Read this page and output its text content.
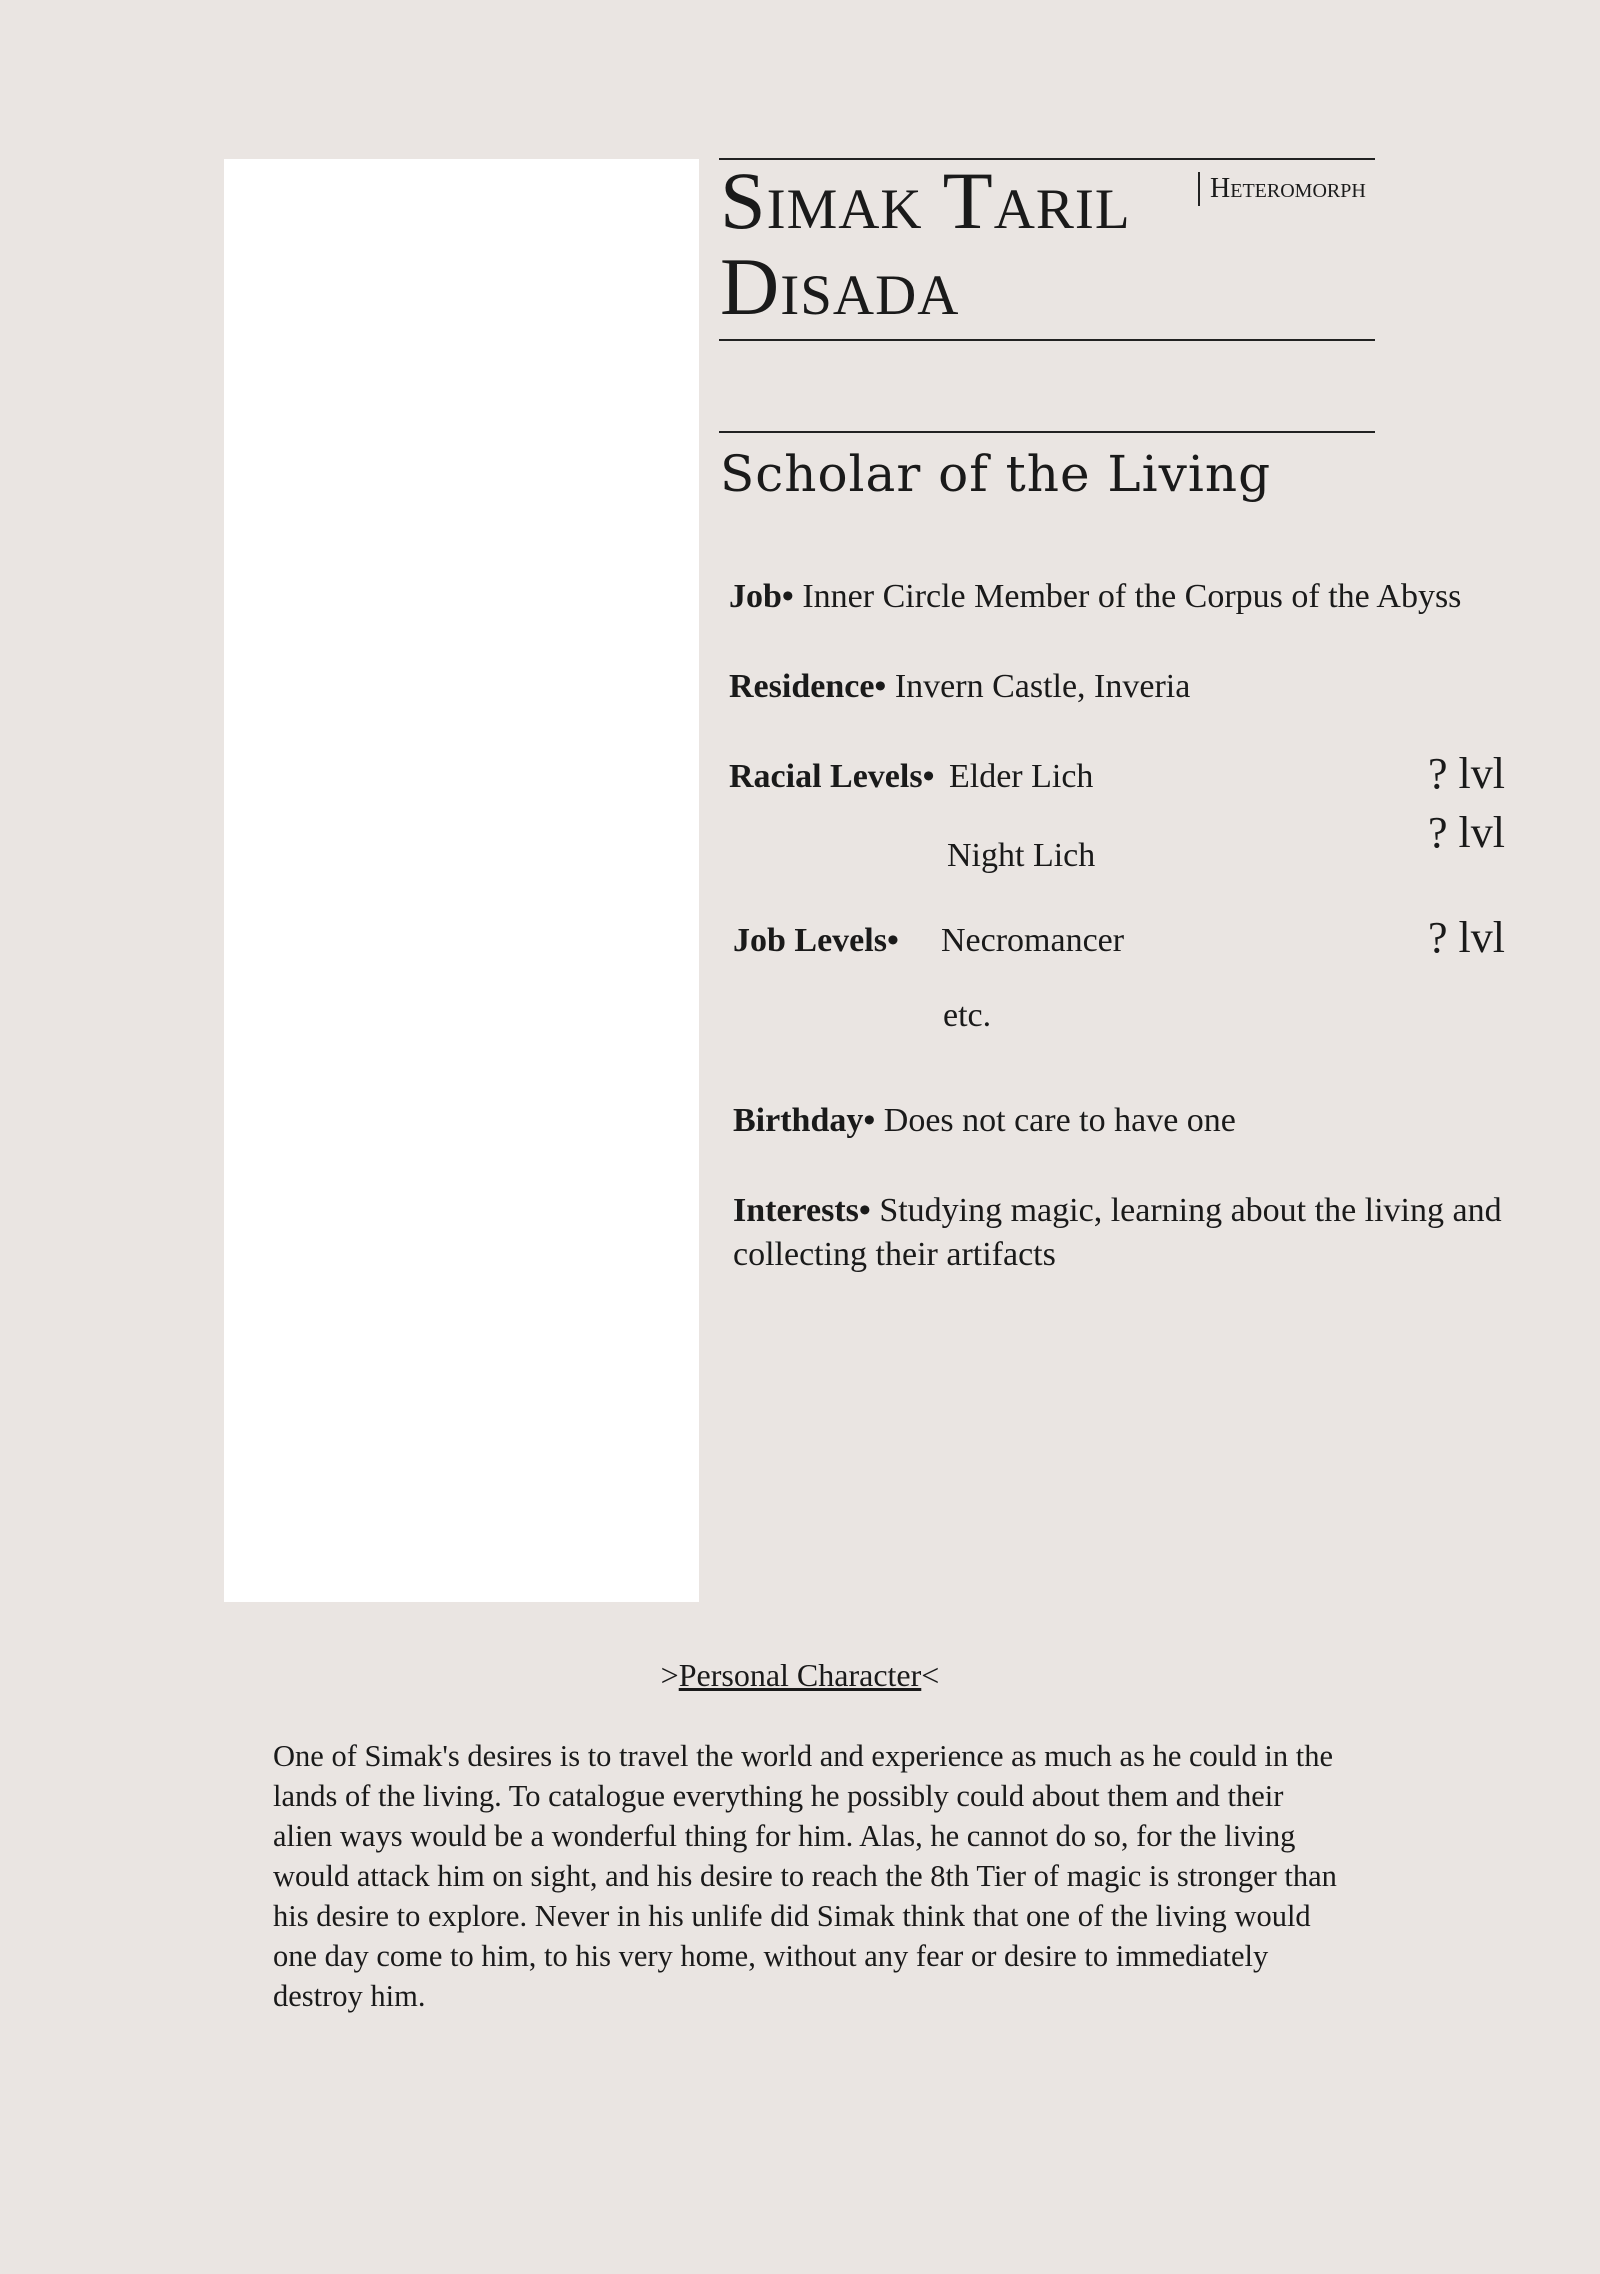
Simak Taril Disada
Heteromorph
Scholar of the Living
Job• Inner Circle Member of the Corpus of the Abyss
Residence• Invern Castle, Inveria
Racial Levels• Elder Lich	? lvl
Night Lich	? lvl
Job Levels• Necromancer	? lvl
etc.
Birthday• Does not care to have one
Interests• Studying magic, learning about the living and collecting their artifacts
>Personal Character<

One of Simak's desires is to travel the world and experience as much as he could in the lands of the living. To catalogue everything he possibly could about them and their alien ways would be a wonderful thing for him. Alas, he cannot do so, for the living would attack him on sight, and his desire to reach the 8th Tier of magic is stronger than his desire to explore. Never in his unlife did Simak think that one of the living would one day come to him, to his very home, without any fear or desire to immediately destroy him.
